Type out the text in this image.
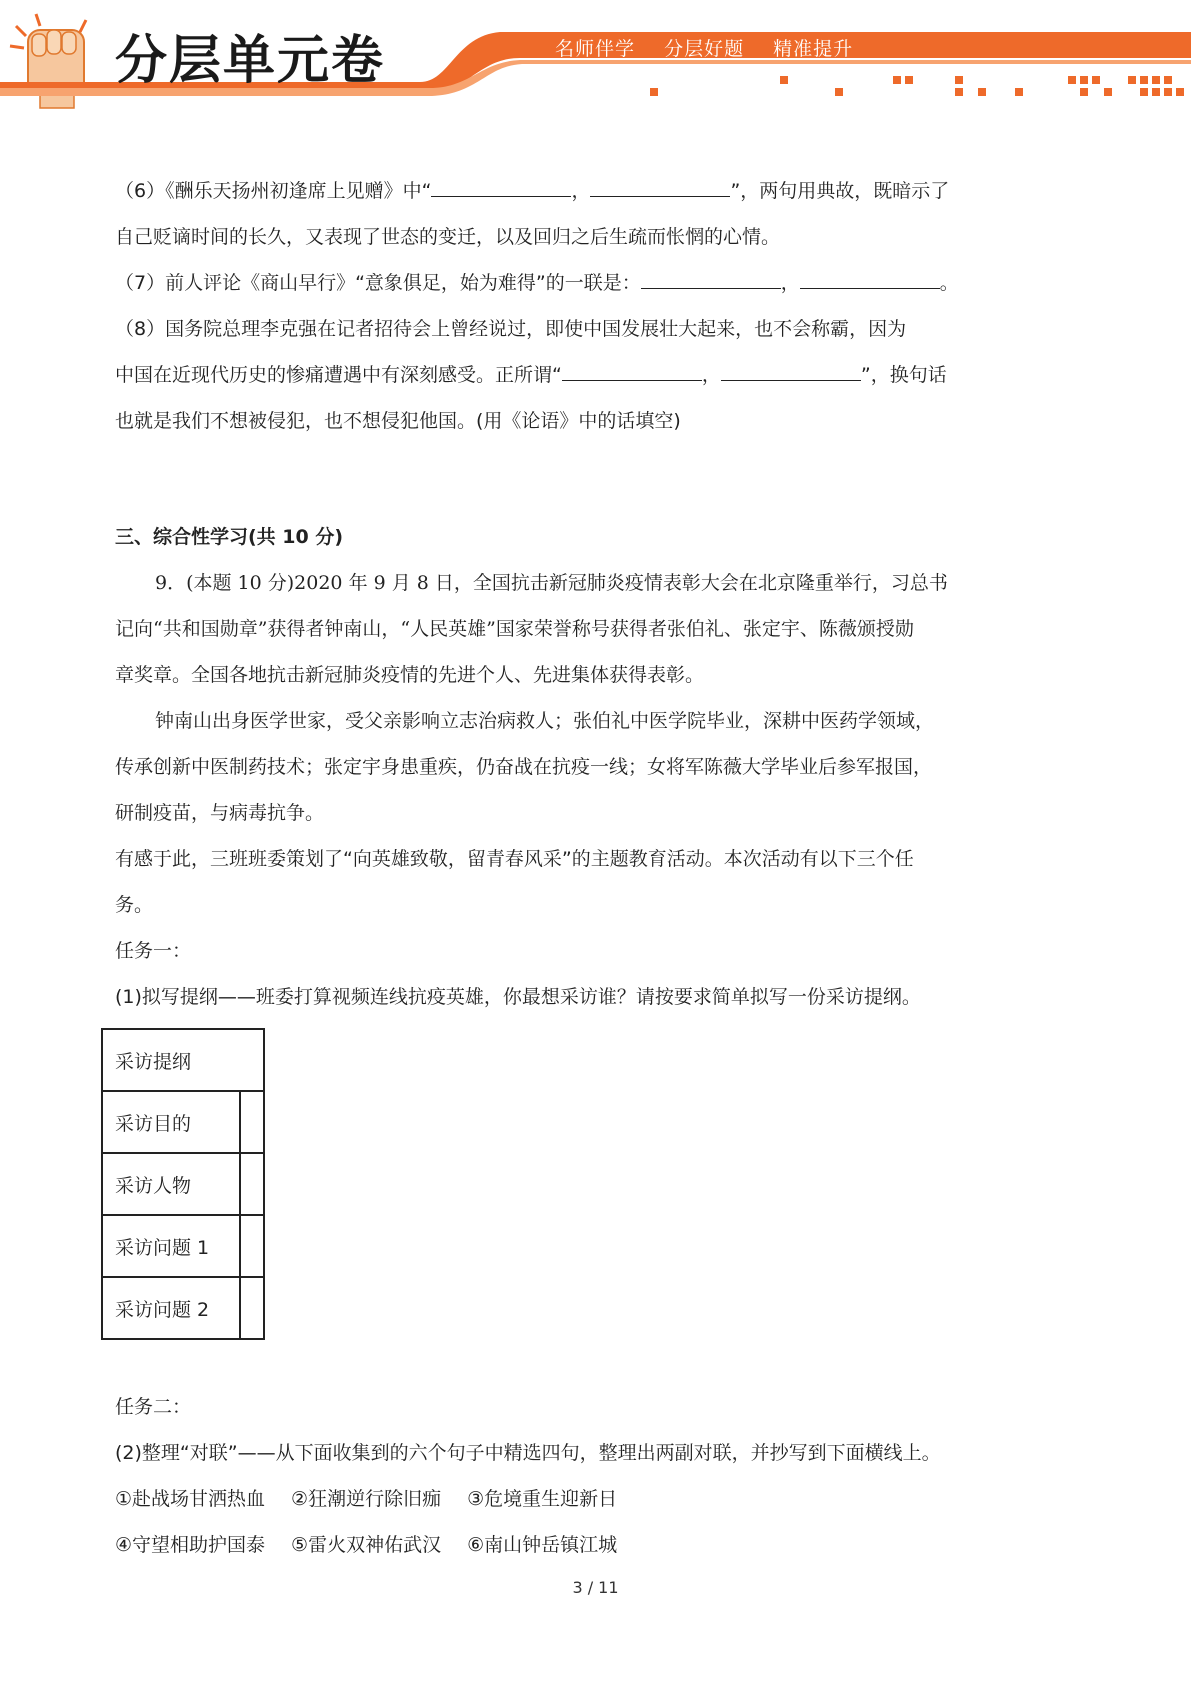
分层单元卷	名师伴学 分层好题 精准提升
（6）《酬乐天扬州初逢席上见赠》中“	，	”，两句用典故，既暗示了
自己贬谪时间的长久，又表现了世态的变迁，以及回归之后生疏而怅惘的心情。
（7）前人评论《商山早行》“意象俱足，始为难得”的一联是：	，	。
（8）国务院总理李克强在记者招待会上曾经说过，即使中国发展壮大起来，也不会称霸，因为
中国在近现代历史的惨痛遭遇中有深刻感受。正所谓“	，	”，换句话
也就是我们不想被侵犯，也不想侵犯他国。(用《论语》中的话填空)
三、综合性学习(共 10 分)
9．(本题 10 分)2020 年 9 月 8 日，全国抗击新冠肺炎疫情表彰大会在北京隆重举行，习总书
记向“共和国勋章”获得者钟南山，“人民英雄”国家荣誉称号获得者张伯礼、张定宇、陈薇颁授勋
章奖章。全国各地抗击新冠肺炎疫情的先进个人、先进集体获得表彰。
钟南山出身医学世家，受父亲影响立志治病救人；张伯礼中医学院毕业，深耕中医药学领域，
传承创新中医制药技术；张定宇身患重疾，仍奋战在抗疫一线；女将军陈薇大学毕业后参军报国，
研制疫苗，与病毒抗争。
有感于此，三班班委策划了“向英雄致敬，留青春风采”的主题教育活动。本次活动有以下三个任
务。
任务一：
(1)拟写提纲——班委打算视频连线抗疫英雄，你最想采访谁？请按要求简单拟写一份采访提纲。
任务二：
(2)整理“对联”——从下面收集到的六个句子中精选四句，整理出两副对联，并抄写到下面横线上。
①赴战场甘洒热血 ②狂潮逆行除旧痂 ③危境重生迎新日
④守望相助护国泰 ⑤雷火双神佑武汉 ⑥南山钟岳镇江城
采访提纲	
采访目的	
采访人物	
采访问题 1	
采访问题 2	
3 / 11
